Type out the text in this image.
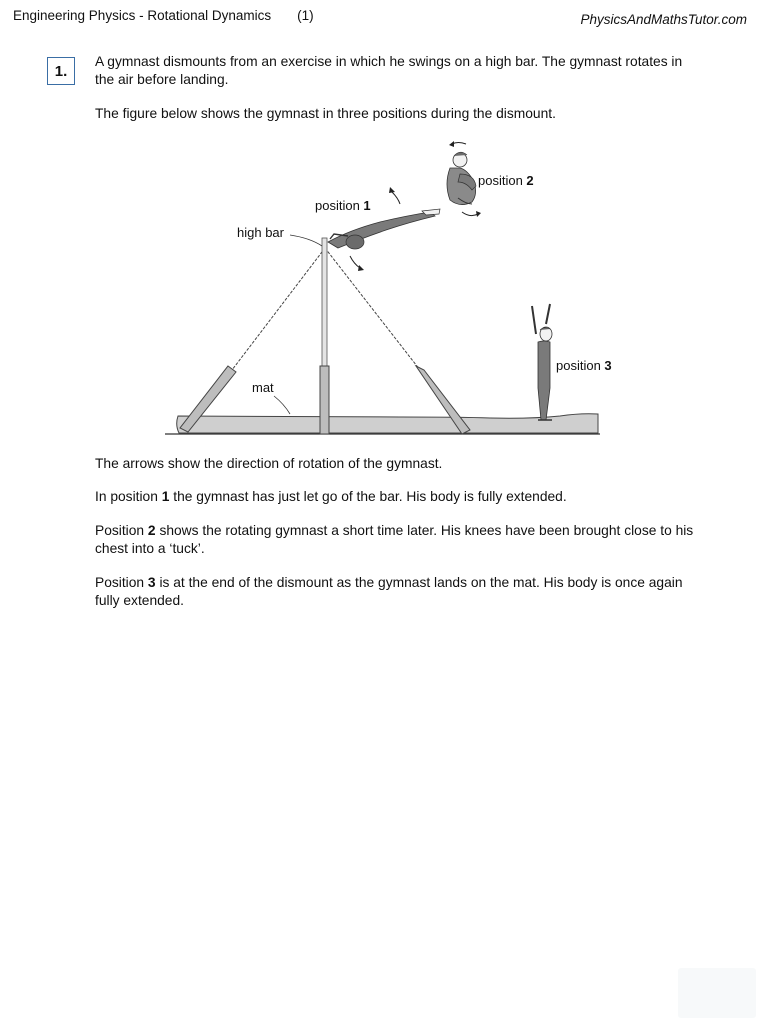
Engineering Physics - Rotational Dynamics (1)	PhysicsAndMathsTutor.com
1.
A gymnast dismounts from an exercise in which he swings on a high bar. The gymnast rotates in the air before landing.
The figure below shows the gymnast in three positions during the dismount.
high bar
mat
position 1
position 2
position 3
The arrows show the direction of rotation of the gymnast.
In position 1 the gymnast has just let go of the bar. His body is fully extended.
Position 2 shows the rotating gymnast a short time later. His knees have been brought close to his chest into a ‘tuck’.
Position 3 is at the end of the dismount as the gymnast lands on the mat. His body is once again fully extended.
